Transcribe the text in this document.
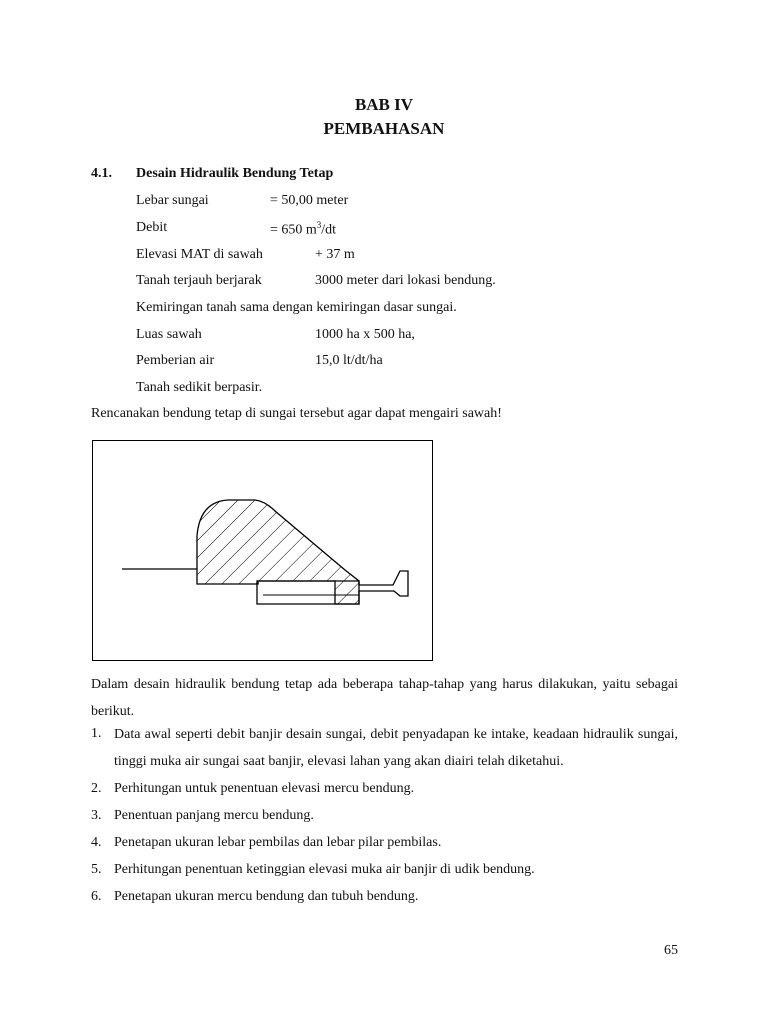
BAB IV
PEMBAHASAN
4.1. Desain Hidraulik Bendung Tetap
Lebar sungai	= 50,00 meter
Debit	= 650 $m^3/dt$
Elevasi MAT di sawah	+ 37 m
Tanah terjauh berjarak	3000 meter dari lokasi bendung.
Kemiringan tanah sama dengan kemiringan dasar sungai.
Luas sawah	1000 ha x 500 ha,
Pemberian air	15,0 lt/dt/ha
Tanah sedikit berpasir.
Rencanakan bendung tetap di sungai tersebut agar dapat mengairi sawah!
Dalam desain hidraulik bendung tetap ada beberapa tahap-tahap yang harus dilakukan, yaitu sebagai berikut.
1. Data awal seperti debit banjir desain sungai, debit penyadapan ke intake, keadaan hidraulik sungai, tinggi muka air sungai saat banjir, elevasi lahan yang akan diairi telah diketahui.
2. Perhitungan untuk penentuan elevasi mercu bendung.
3. Penentuan panjang mercu bendung.
4. Penetapan ukuran lebar pembilas dan lebar pilar pembilas.
5. Perhitungan penentuan ketinggian elevasi muka air banjir di udik bendung.
6. Penetapan ukuran mercu bendung dan tubuh bendung.
65
